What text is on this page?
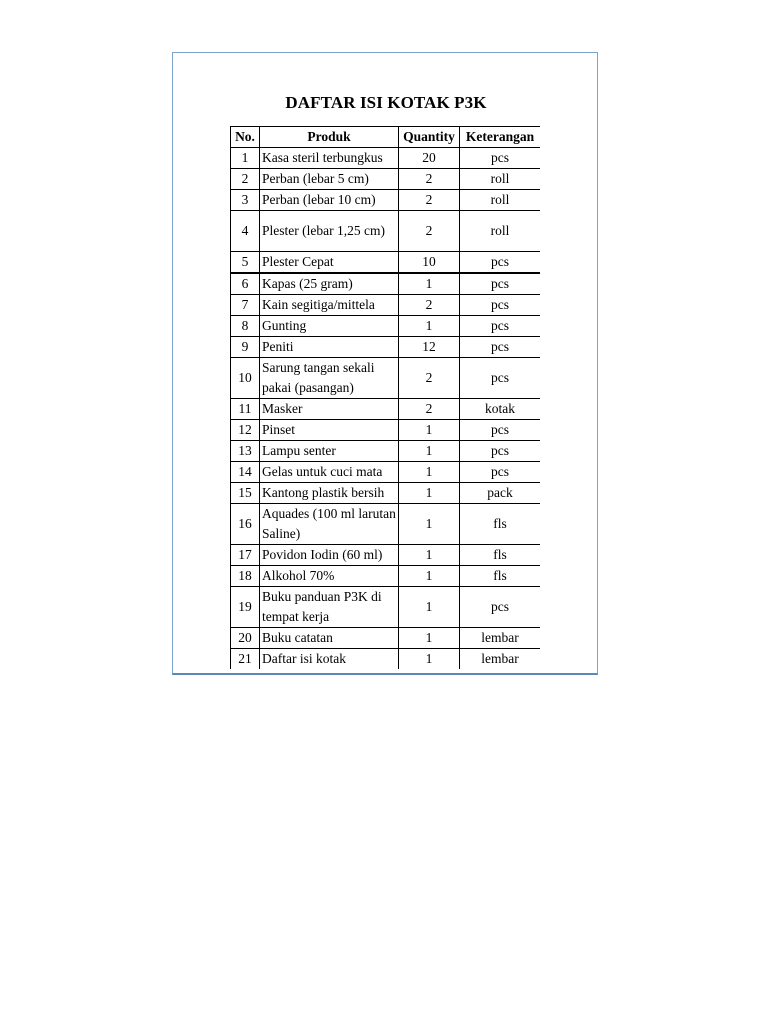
DAFTAR ISI KOTAK P3K
No.	Produk	Quantity	Keterangan
1	Kasa steril terbungkus	20	pcs
2	Perban (lebar 5 cm)	2	roll
3	Perban (lebar 10 cm)	2	roll
4	Plester (lebar 1,25 cm)	2	roll
5	Plester Cepat	10	pcs
6	Kapas (25 gram)	1	pcs
7	Kain segitiga/mittela	2	pcs
8	Gunting	1	pcs
9	Peniti	12	pcs
10	Sarung tangan sekali pakai (pasangan)	2	pcs
11	Masker	2	kotak
12	Pinset	1	pcs
13	Lampu senter	1	pcs
14	Gelas untuk cuci mata	1	pcs
15	Kantong plastik bersih	1	pack
16	Aquades (100 ml larutan Saline)	1	fls
17	Povidon Iodin (60 ml)	1	fls
18	Alkohol 70%	1	fls
19	Buku panduan P3K di tempat kerja	1	pcs
20	Buku catatan	1	lembar
21	Daftar isi kotak	1	lembar
